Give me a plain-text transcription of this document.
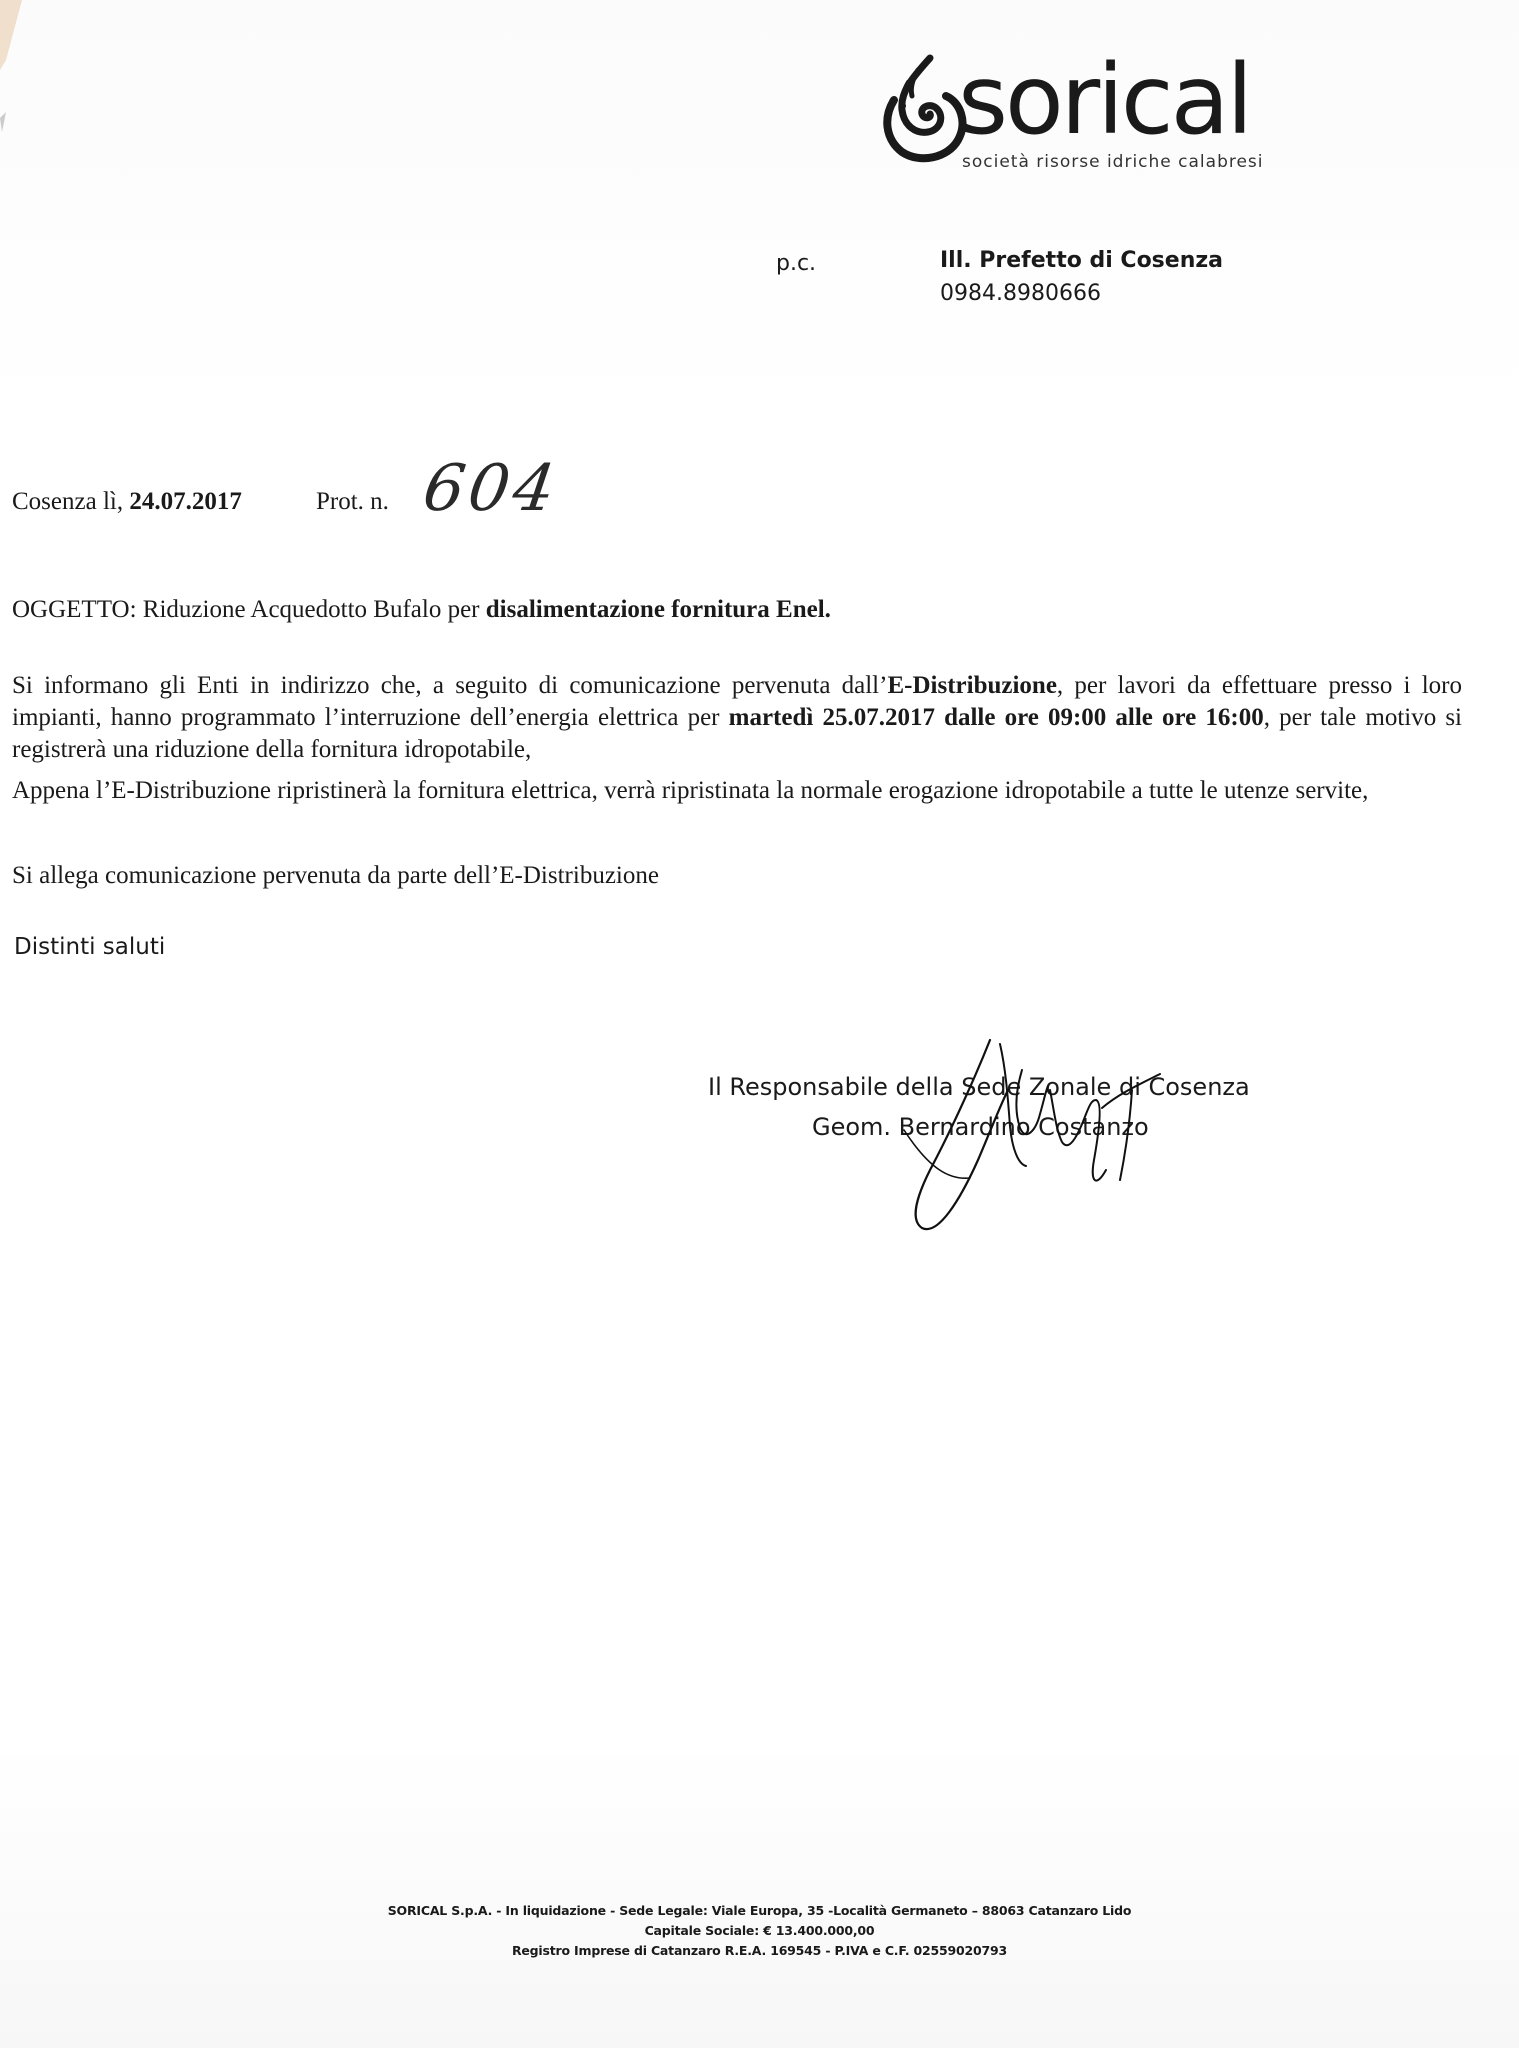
sorical
società risorse idriche calabresi
p.c.	Ill. Prefetto di Cosenza
0984.8980666
Cosenza lì, 24.07.2017	Prot. n. 604
OGGETTO: Riduzione Acquedotto Bufalo per disalimentazione fornitura Enel.
Si informano gli Enti in indirizzo che, a seguito di comunicazione pervenuta dall’E-Distribuzione, per lavori da effettuare presso i loro impianti, hanno programmato l’interruzione dell’energia elettrica per martedì 25.07.2017 dalle ore 09:00 alle ore 16:00, per tale motivo si registrerà una riduzione della fornitura idropotabile,
Appena l’E-Distribuzione ripristinerà la fornitura elettrica, verrà ripristinata la normale erogazione idropotabile a tutte le utenze servite,
Si allega comunicazione pervenuta da parte dell’E-Distribuzione
Distinti saluti
Il Responsabile della Sede Zonale di Cosenza
Geom. Bernardino Costanzo
SORICAL S.p.A. - In liquidazione - Sede Legale: Viale Europa, 35 -Località Germaneto – 88063 Catanzaro Lido
Capitale Sociale: € 13.400.000,00
Registro Imprese di Catanzaro R.E.A. 169545 - P.IVA e C.F. 02559020793
